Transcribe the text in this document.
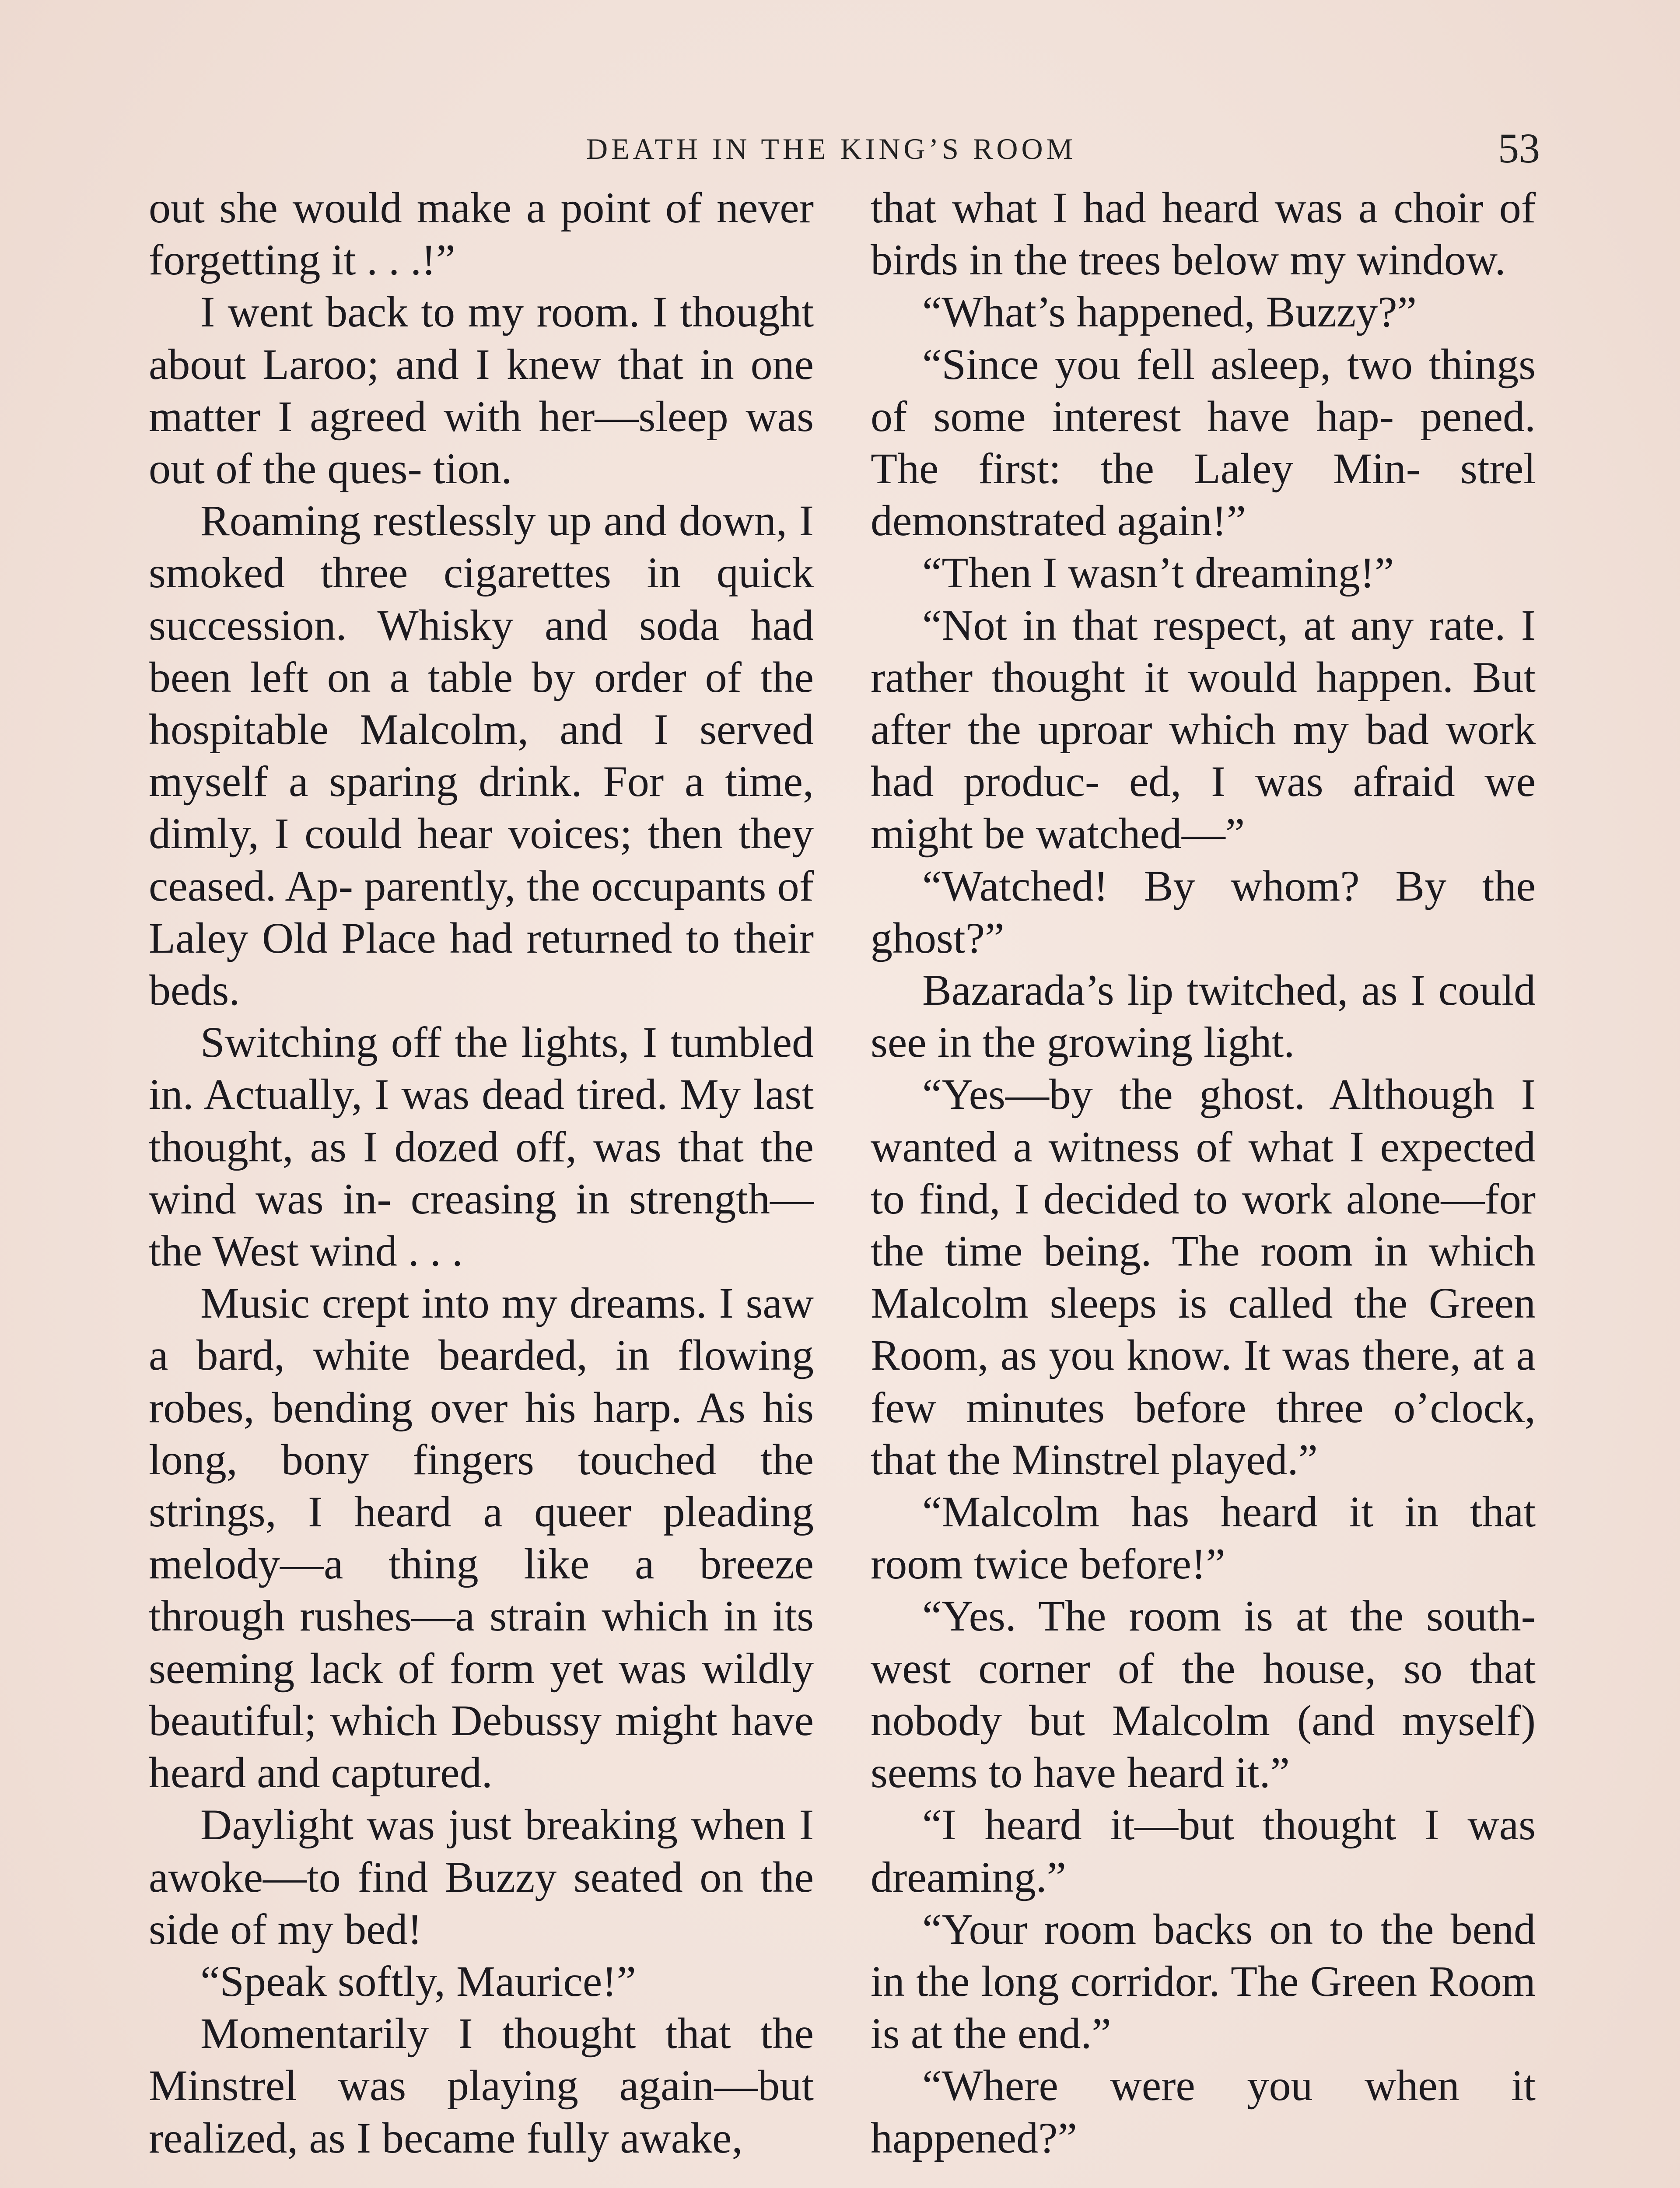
DEATH IN THE KING’S ROOM	53

out she would make a point of never forgetting it . . .!”

I went back to my room. I thought about Laroo; and I knew that in one matter I agreed with her—sleep was out of the ques- tion.

Roaming restlessly up and down, I smoked three cigarettes in quick succession. Whisky and soda had been left on a table by order of the hospitable Malcolm, and I served myself a sparing drink. For a time, dimly, I could hear voices; then they ceased. Ap- parently, the occupants of Laley Old Place had returned to their beds.

Switching off the lights, I tumbled in. Actually, I was dead tired. My last thought, as I dozed off, was that the wind was in- creasing in strength—the West wind . . .

Music crept into my dreams. I saw a bard, white bearded, in flowing robes, bending over his harp. As his long, bony fingers touched the strings, I heard a queer pleading melody—a thing like a breeze through rushes—a strain which in its seeming lack of form yet was wildly beautiful; which Debussy might have heard and captured.

Daylight was just breaking when I awoke—to find Buzzy seated on the side of my bed!

“Speak softly, Maurice!”

Momentarily I thought that the Minstrel was playing again—but realized, as I became fully awake,

that what I had heard was a choir of birds in the trees below my window.

“What’s happened, Buzzy?”

“Since you fell asleep, two things of some interest have hap- pened. The first: the Laley Min- strel demonstrated again!”

“Then I wasn’t dreaming!”

“Not in that respect, at any rate. I rather thought it would happen. But after the uproar which my bad work had produc- ed, I was afraid we might be watched—”

“Watched! By whom? By the ghost?”

Bazarada’s lip twitched, as I could see in the growing light.

“Yes—by the ghost. Although I wanted a witness of what I expected to find, I decided to work alone—for the time being. The room in which Malcolm sleeps is called the Green Room, as you know. It was there, at a few minutes before three o’clock, that the Minstrel played.”

“Malcolm has heard it in that room twice before!”

“Yes. The room is at the south-west corner of the house, so that nobody but Malcolm (and myself) seems to have heard it.”

“I heard it—but thought I was dreaming.”

“Your room backs on to the bend in the long corridor. The Green Room is at the end.”

“Where were you when it happened?”
